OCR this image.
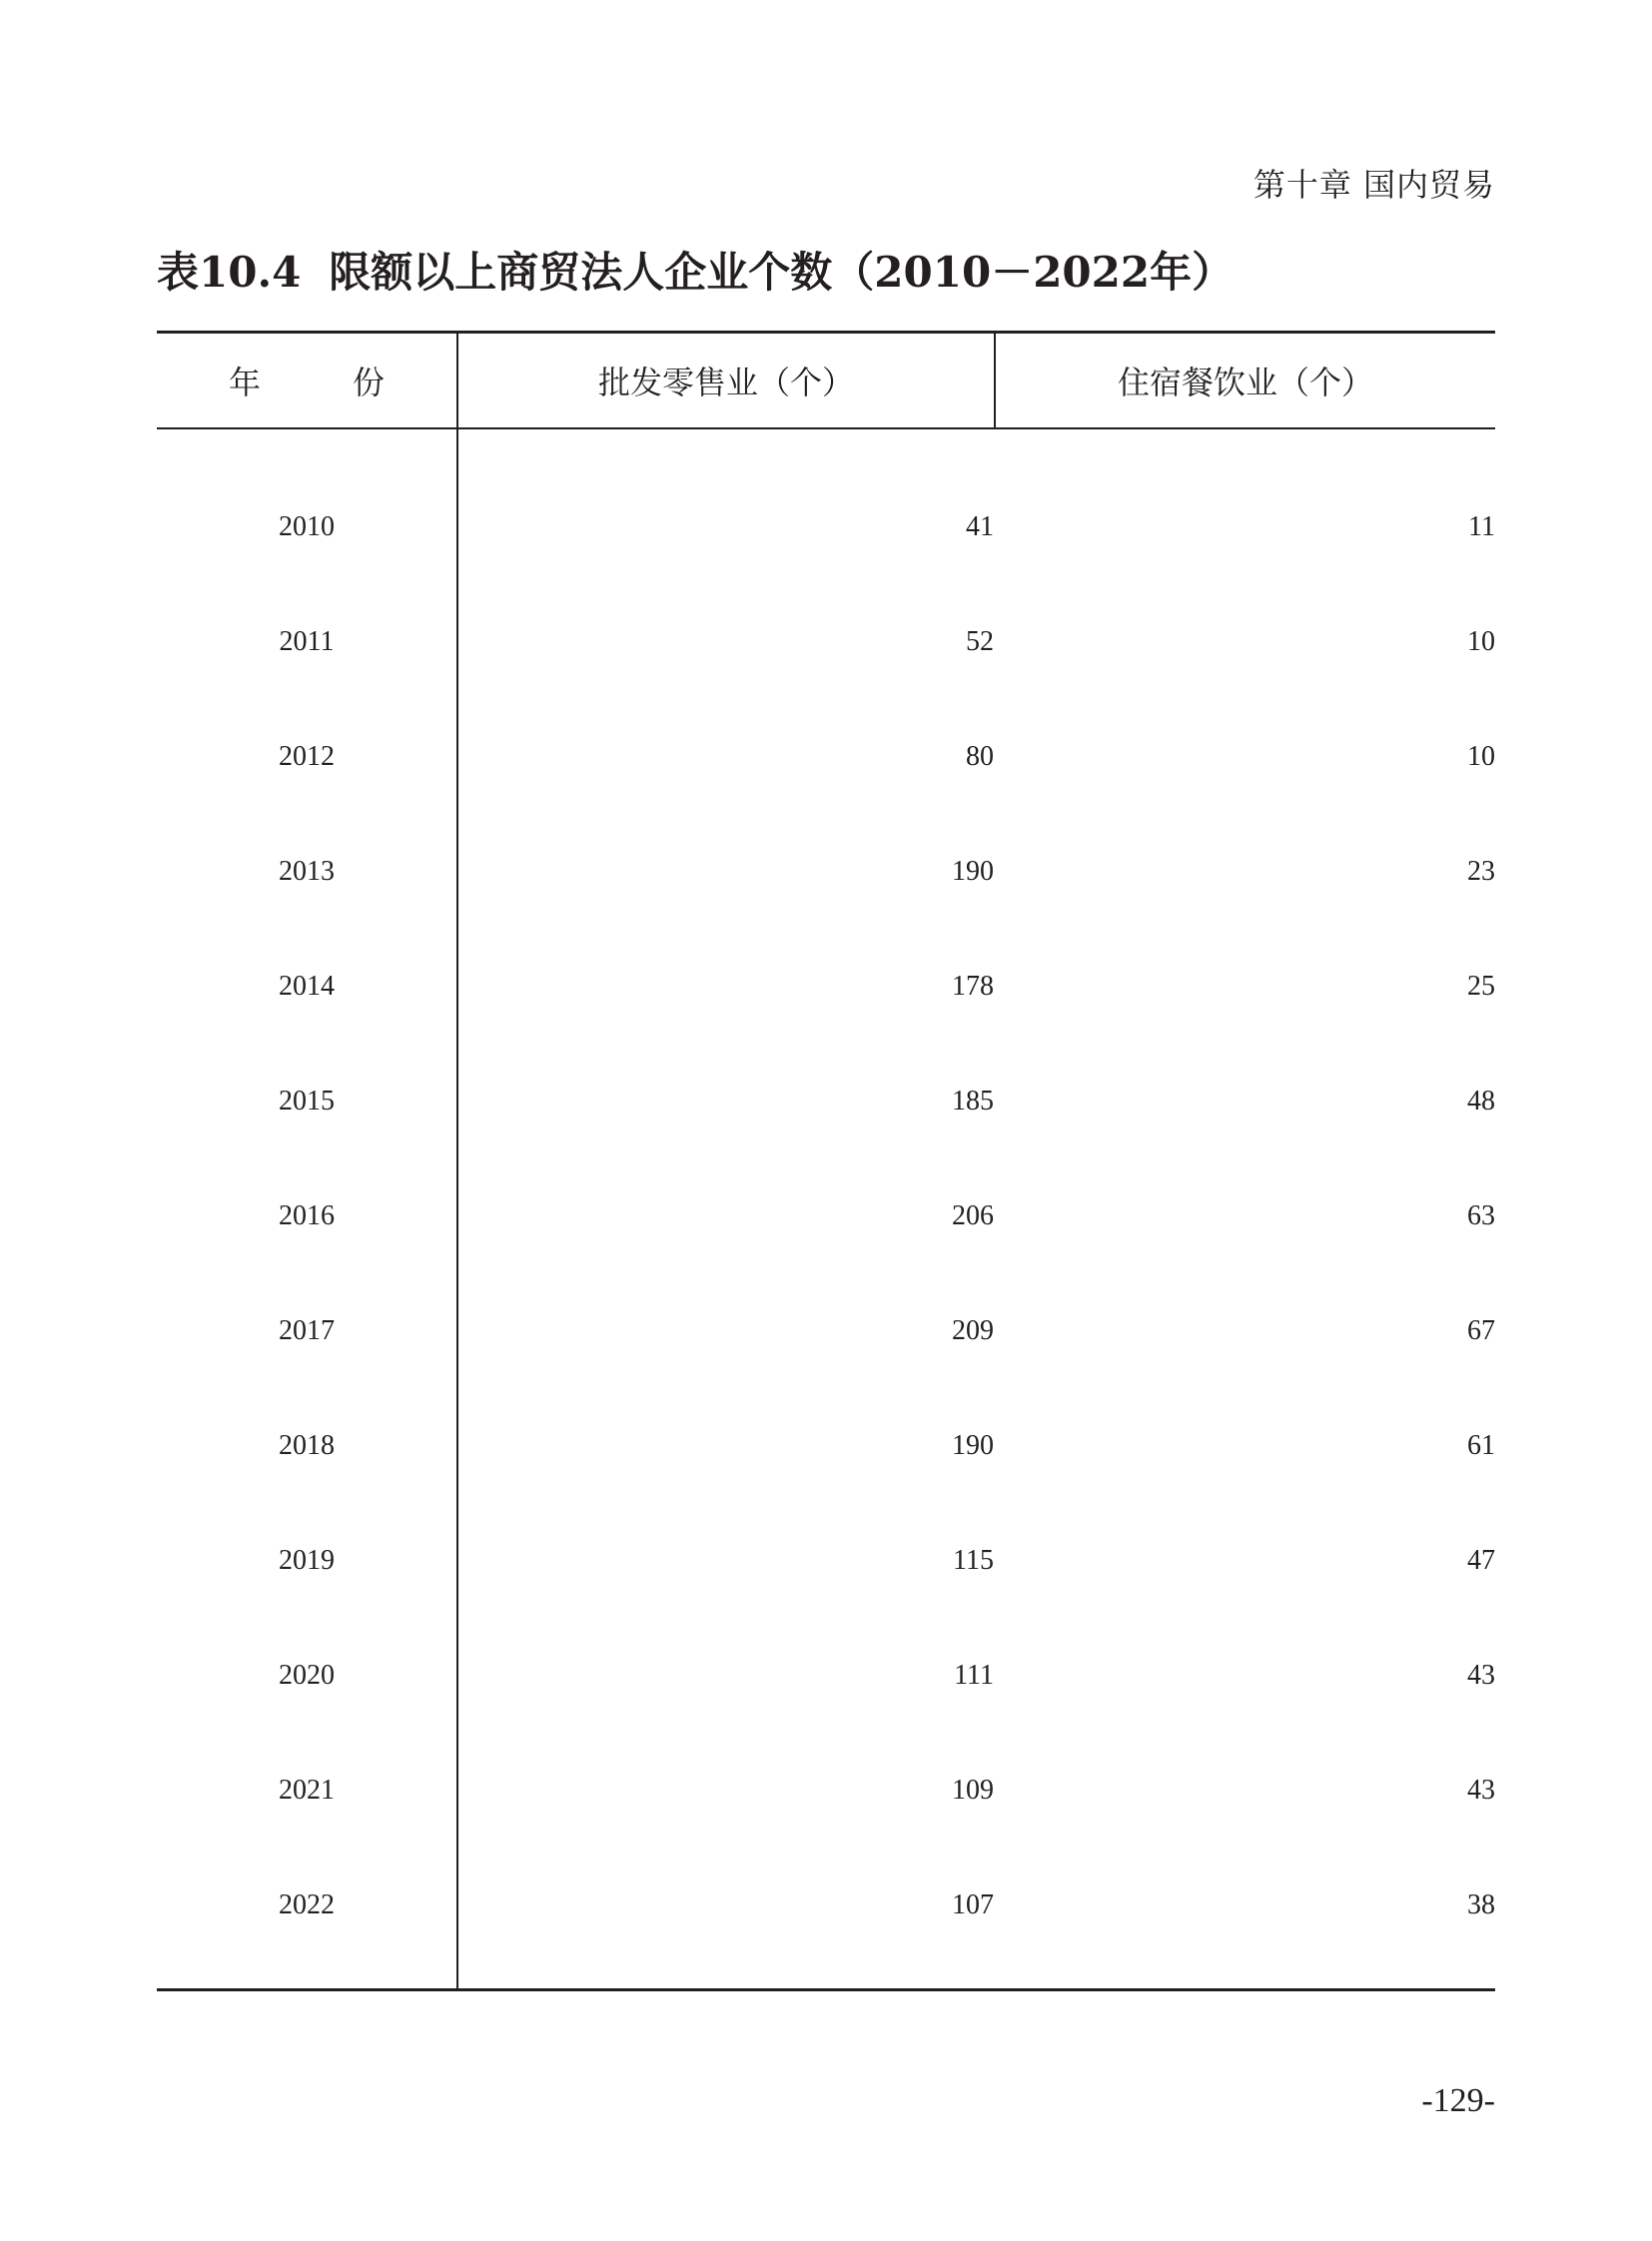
第十章 国内贸易
表10.4 限额以上商贸法人企业个数（2010－2022年）
年　份	批发零售业（个）	住宿餐饮业（个）
2010	41	11
2011	52	10
2012	80	10
2013	190	23
2014	178	25
2015	185	48
2016	206	63
2017	209	67
2018	190	61
2019	115	47
2020	111	43
2021	109	43
2022	107	38
-129-
